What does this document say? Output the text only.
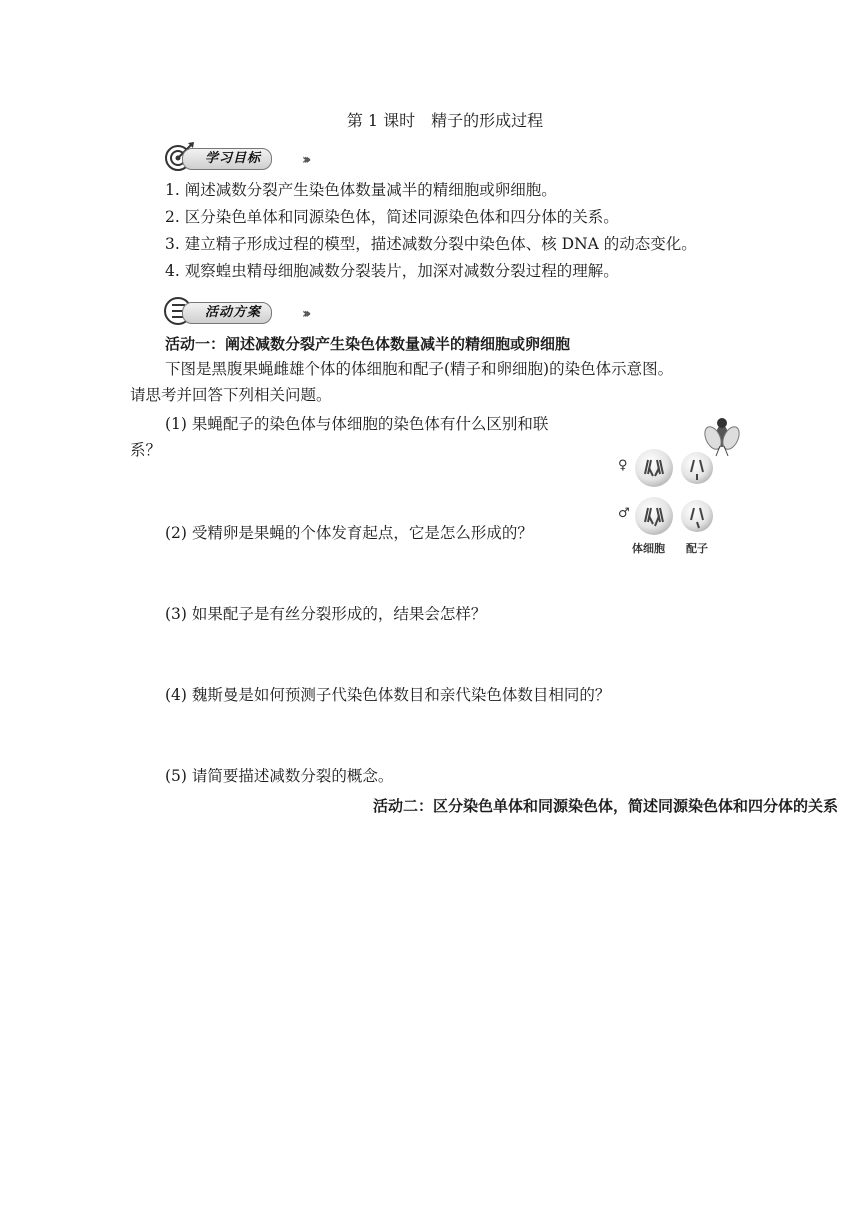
第 1 课时　精子的形成过程
学习目标	›››
1. 阐述减数分裂产生染色体数量减半的精细胞或卵细胞。
2. 区分染色单体和同源染色体，简述同源染色体和四分体的关系。
3. 建立精子形成过程的模型，描述减数分裂中染色体、核 DNA 的动态变化。
4. 观察蝗虫精母细胞减数分裂装片，加深对减数分裂过程的理解。
活动方案	›››
活动一：阐述减数分裂产生染色体数量减半的精细胞或卵细胞
下图是黑腹果蝇雌雄个体的体细胞和配子(精子和卵细胞)的染色体示意图。
请思考并回答下列相关问题。
(1) 果蝇配子的染色体与体细胞的染色体有什么区别和联
系？
(2) 受精卵是果蝇的个体发育起点，它是怎么形成的？
(3) 如果配子是有丝分裂形成的，结果会怎样？
(4) 魏斯曼是如何预测子代染色体数目和亲代染色体数目相同的？
(5) 请简要描述减数分裂的概念。
活动二：区分染色单体和同源染色体，简述同源染色体和四分体的关系
♀
♂
体细胞 配子
